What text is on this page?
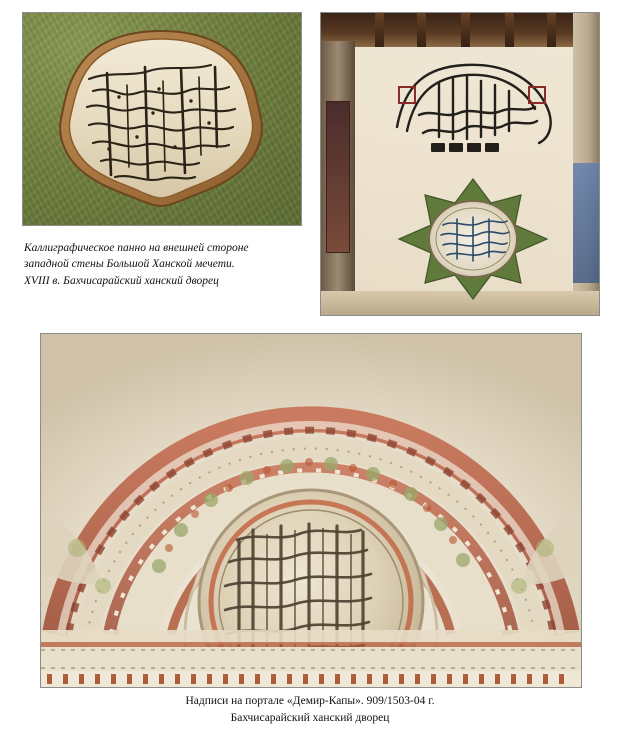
Каллиграфическое панно на внешней стороне
западной стены Большой Ханской мечети.
XVIII в. Бахчисарайский ханский дворец
Надписи на портале «Демир-Капы». 909/1503-04 г.
Бахчисарайский ханский дворец
